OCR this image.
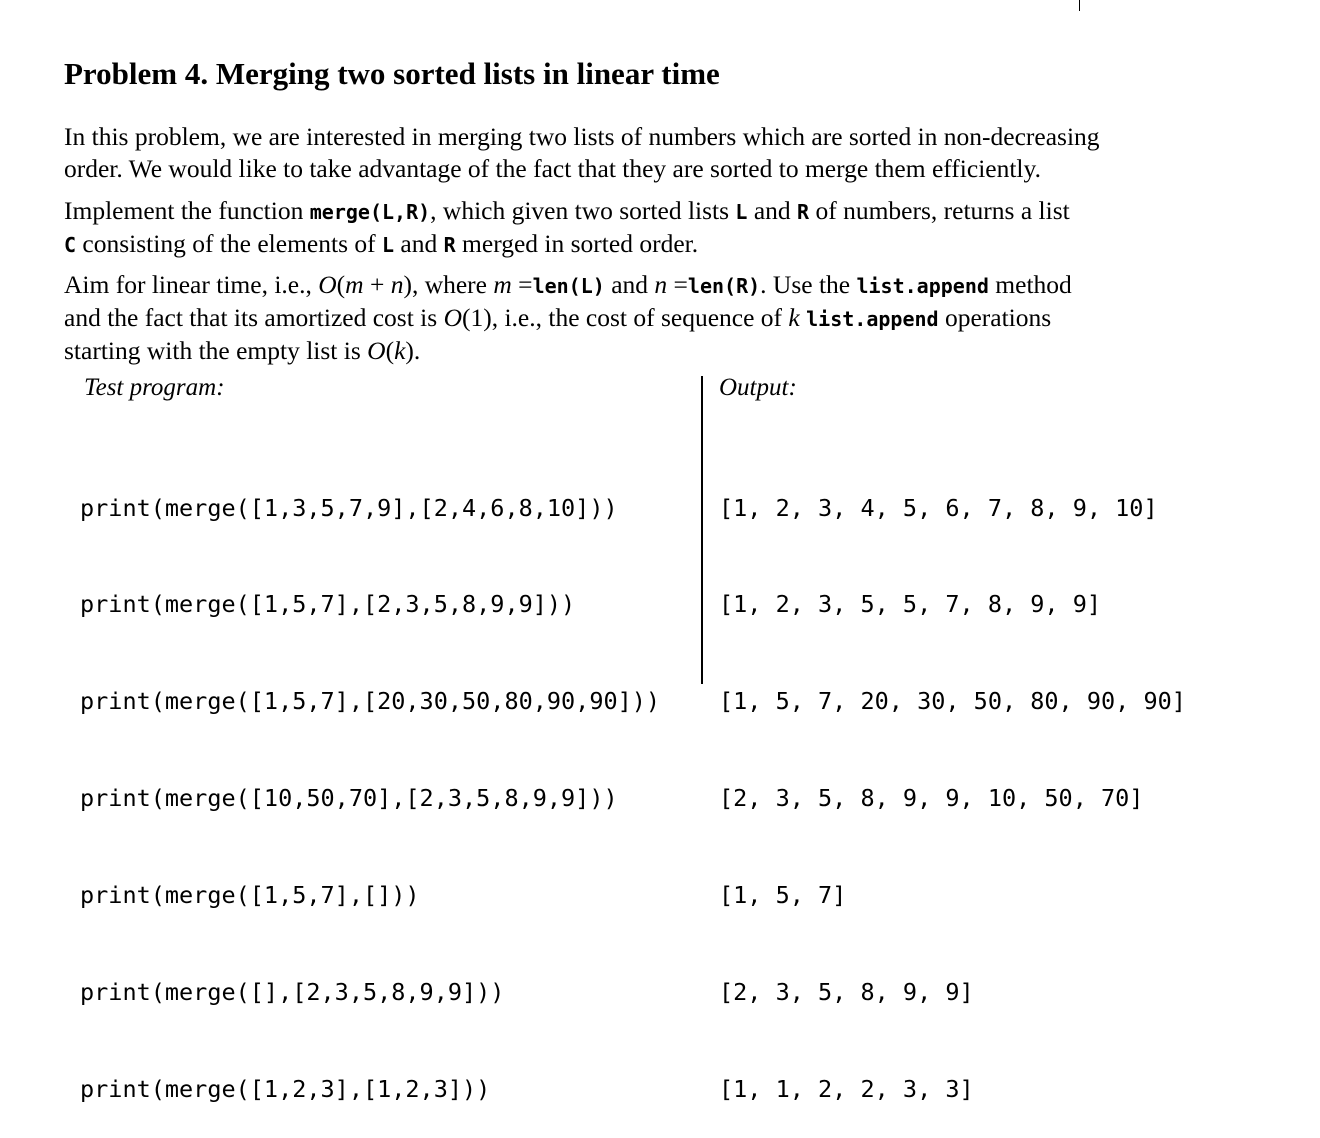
Problem 4. Merging two sorted lists in linear time
In this problem, we are interested in merging two lists of numbers which are sorted in non-decreasing
order. We would like to take advantage of the fact that they are sorted to merge them efficiently.
Implement the function merge(L,R), which given two sorted lists L and R of numbers, returns a list
C consisting of the elements of L and R merged in sorted order.
Aim for linear time, i.e., O(m + n), where m =len(L) and n =len(R). Use the list.append method
and the fact that its amortized cost is O(1), i.e., the cost of sequence of k list.append operations
starting with the empty list is O(k).
Test program:	Output:

print(merge([1,3,5,7,9],[2,4,6,8,10]))

print(merge([1,5,7],[2,3,5,8,9,9]))

print(merge([1,5,7],[20,30,50,80,90,90]))

print(merge([10,50,70],[2,3,5,8,9,9]))

print(merge([1,5,7],[]))

print(merge([],[2,3,5,8,9,9]))

print(merge([1,2,3],[1,2,3]))

[1, 2, 3, 4, 5, 6, 7, 8, 9, 10]

[1, 2, 3, 5, 5, 7, 8, 9, 9]

[1, 5, 7, 20, 30, 50, 80, 90, 90]

[2, 3, 5, 8, 9, 9, 10, 50, 70]

[1, 5, 7]

[2, 3, 5, 8, 9, 9]

[1, 1, 2, 2, 3, 3]
